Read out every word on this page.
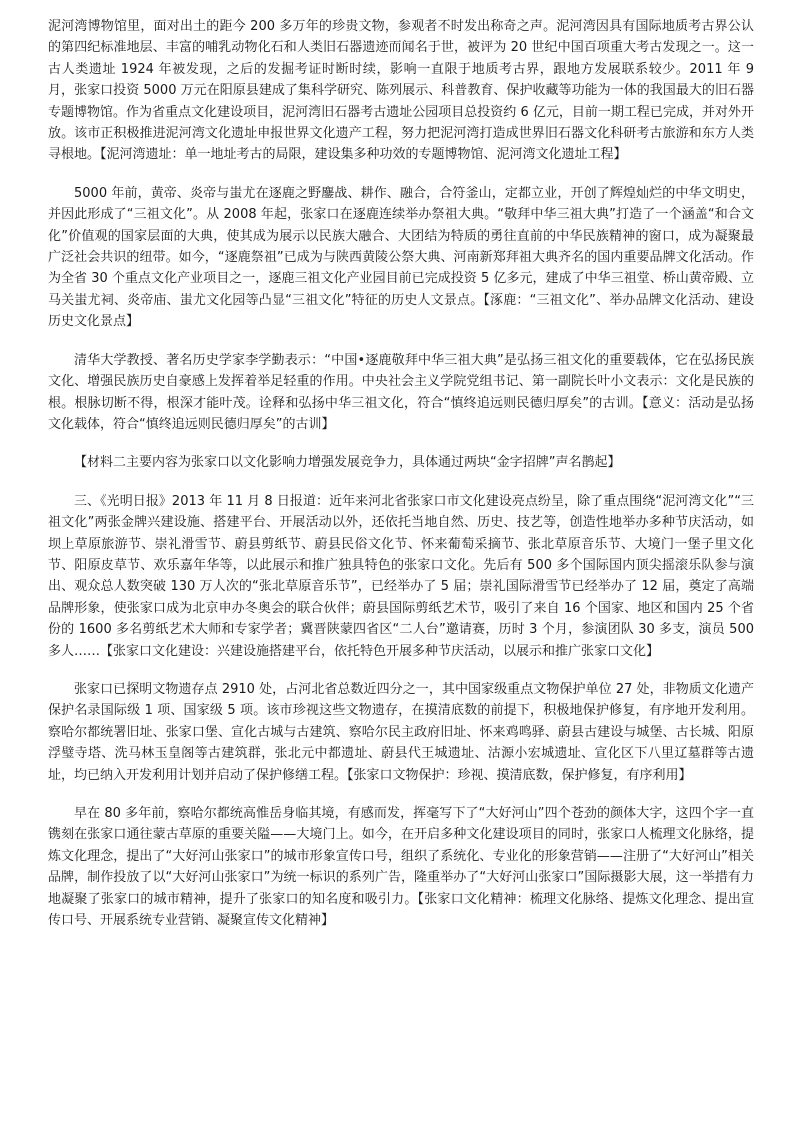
泥河湾博物馆里，面对出土的距今 200 多万年的珍贵文物，参观者不时发出称奇之声。泥河湾因具有国际地质考古界公认的第四纪标准地层、丰富的哺乳动物化石和人类旧石器遗迹而闻名于世，被评为 20 世纪中国百项重大考古发现之一。这一古人类遗址 1924 年被发现，之后的发掘考证时断时续，影响一直限于地质考古界，跟地方发展联系较少。2011 年 9 月，张家口投资 5000 万元在阳原县建成了集科学研究、陈列展示、科普教育、保护收藏等功能为一体的我国最大的旧石器专题博物馆。作为省重点文化建设项目，泥河湾旧石器考古遗址公园项目总投资约 6 亿元，目前一期工程已完成，并对外开放。该市正积极推进泥河湾文化遗址申报世界文化遗产工程，努力把泥河湾打造成世界旧石器文化科研考古旅游和东方人类寻根地。【泥河湾遗址：单一地址考古的局限，建设集多种功效的专题博物馆、泥河湾文化遗址工程】

5000 年前，黄帝、炎帝与蚩尤在逐鹿之野鏖战、耕作、融合，合符釜山，定都立业，开创了辉煌灿烂的中华文明史，并因此形成了“三祖文化”。从 2008 年起，张家口在逐鹿连续举办祭祖大典。“敬拜中华三祖大典”打造了一个涵盖“和合文化”价值观的国家层面的大典，使其成为展示以民族大融合、大团结为特质的勇往直前的中华民族精神的窗口，成为凝聚最广泛社会共识的纽带。如今，“逐鹿祭祖”已成为与陕西黄陵公祭大典、河南新郑拜祖大典齐名的国内重要品牌文化活动。作为全省 30 个重点文化产业项目之一，逐鹿三祖文化产业园目前已完成投资 5 亿多元，建成了中华三祖堂、桥山黄帝殿、立马关蚩尤祠、炎帝庙、蚩尤文化园等凸显“三祖文化”特征的历史人文景点。【涿鹿：“三祖文化”、举办品牌文化活动、建设历史文化景点】

清华大学教授、著名历史学家李学勤表示：“中国•逐鹿敬拜中华三祖大典”是弘扬三祖文化的重要载体，它在弘扬民族文化、增强民族历史自豪感上发挥着举足轻重的作用。中央社会主义学院党组书记、第一副院长叶小文表示：文化是民族的根。根脉切断不得，根深才能叶茂。诠释和弘扬中华三祖文化，符合“慎终追远则民德归厚矣”的古训。【意义：活动是弘扬文化载体，符合“慎终追远则民德归厚矣”的古训】

【材料二主要内容为张家口以文化影响力增强发展竞争力，具体通过两块“金字招牌”声名鹊起】

三、《光明日报》2013 年 11 月 8 日报道：近年来河北省张家口市文化建设亮点纷呈，除了重点围绕“泥河湾文化”“三祖文化”两张金牌兴建设施、搭建平台、开展活动以外，还依托当地自然、历史、技艺等，创造性地举办多种节庆活动，如坝上草原旅游节、崇礼滑雪节、蔚县剪纸节、蔚县民俗文化节、怀来葡萄采摘节、张北草原音乐节、大境门一堡子里文化节、阳原皮草节、欢乐嘉年华等，以此展示和推广独具特色的张家口文化。先后有 500 多个国际国内顶尖摇滚乐队参与演出、观众总人数突破 130 万人次的“张北草原音乐节”，已经举办了 5 届；崇礼国际滑雪节已经举办了 12 届，奠定了高端品牌形象，使张家口成为北京申办冬奥会的联合伙伴；蔚县国际剪纸艺术节，吸引了来自 16 个国家、地区和国内 25 个省份的 1600 多名剪纸艺术大师和专家学者；冀晋陕蒙四省区“二人台”邀请赛，历时 3 个月，参演团队 30 多支，演员 500 多人……【张家口文化建设：兴建设施搭建平台，依托特色开展多种节庆活动，以展示和推广张家口文化】

张家口已探明文物遗存点 2910 处，占河北省总数近四分之一，其中国家级重点文物保护单位 27 处，非物质文化遗产保护名录国际级 1 项、国家级 5 项。该市珍视这些文物遗存，在摸清底数的前提下，积极地保护修复，有序地开发利用。察哈尔都统署旧址、张家口堡、宣化古城与古建筑、察哈尔民主政府旧址、怀来鸡鸣驿、蔚县古建设与城堡、古长城、阳原浮璧寺塔、洗马林玉皇阁等古建筑群，张北元中都遗址、蔚县代王城遗址、沽源小宏城遗址、宣化区下八里辽墓群等古遗址，均已纳入开发利用计划并启动了保护修缮工程。【张家口文物保护：珍视、摸清底数，保护修复，有序利用】

早在 80 多年前，察哈尔都统高惟岳身临其境，有感而发，挥毫写下了“大好河山”四个苍劲的颜体大字，这四个字一直镌刻在张家口通往蒙古草原的重要关隘——大境门上。如今，在开启多种文化建设项目的同时，张家口人梳理文化脉络，提炼文化理念，提出了“大好河山张家口”的城市形象宣传口号，组织了系统化、专业化的形象营销——注册了“大好河山”相关品牌，制作投放了以“大好河山张家口”为统一标识的系列广告，隆重举办了“大好河山张家口”国际摄影大展，这一举措有力地凝聚了张家口的城市精神，提升了张家口的知名度和吸引力。【张家口文化精神：梳理文化脉络、提炼文化理念、提出宣传口号、开展系统专业营销、凝聚宣传文化精神】
